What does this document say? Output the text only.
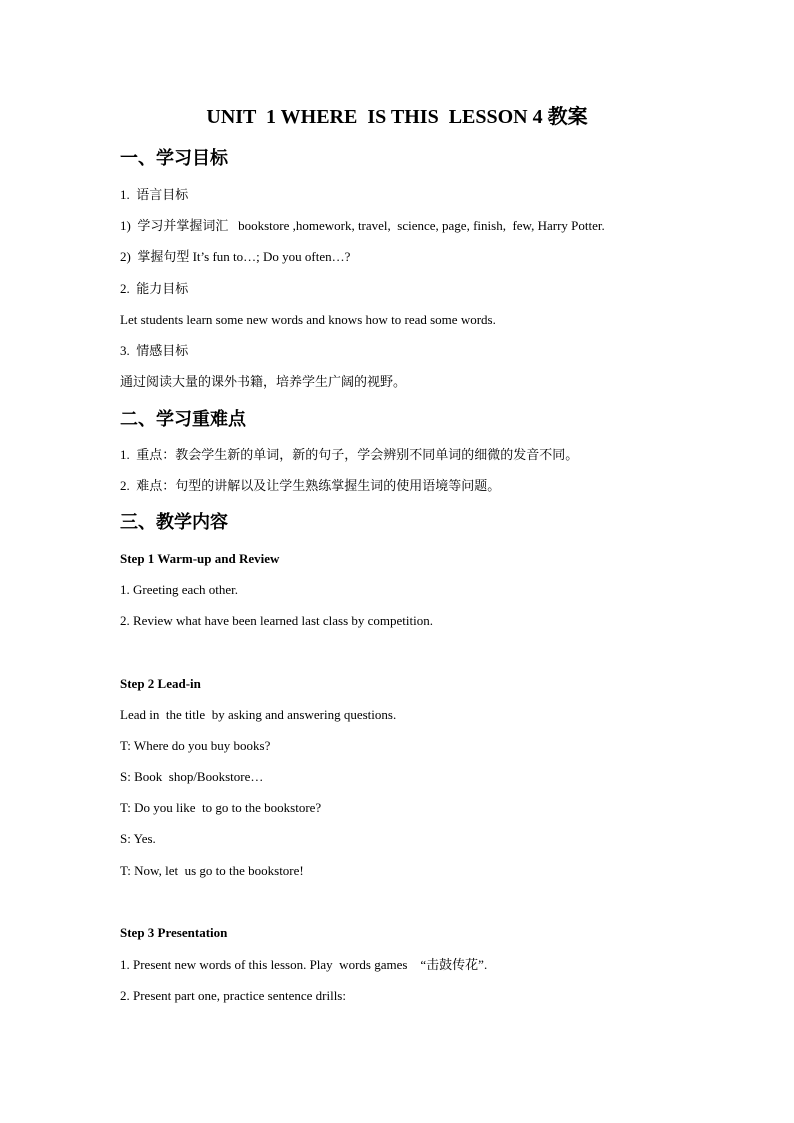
UNIT  1 WHERE  IS THIS  LESSON 4 教案
一、学习目标
1.  语言目标
1)  学习并掌握词汇   bookstore ,homework, travel,  science, page, finish,  few, Harry Potter.
2)  掌握句型 It’s fun to…; Do you often…?
2.  能力目标
Let students learn some new words and knows how to read some words.
3.  情感目标
通过阅读大量的课外书籍，培养学生广阔的视野。
二、学习重难点
1.  重点：教会学生新的单词，新的句子，学会辨别不同单词的细微的发音不同。
2.  难点：句型的讲解以及让学生熟练掌握生词的使用语境等问题。
三、教学内容
Step 1 Warm-up and Review
1. Greeting each other.
2. Review what have been learned last class by competition.
Step 2 Lead-in
Lead in  the title  by asking and answering questions.
T: Where do you buy books?
S: Book  shop/Bookstore…
T: Do you like  to go to the bookstore?
S: Yes.
T: Now, let  us go to the bookstore!
Step 3 Presentation
1. Present new words of this lesson. Play  words games    “击鼓传花”.
2. Present part one, practice sentence drills:
